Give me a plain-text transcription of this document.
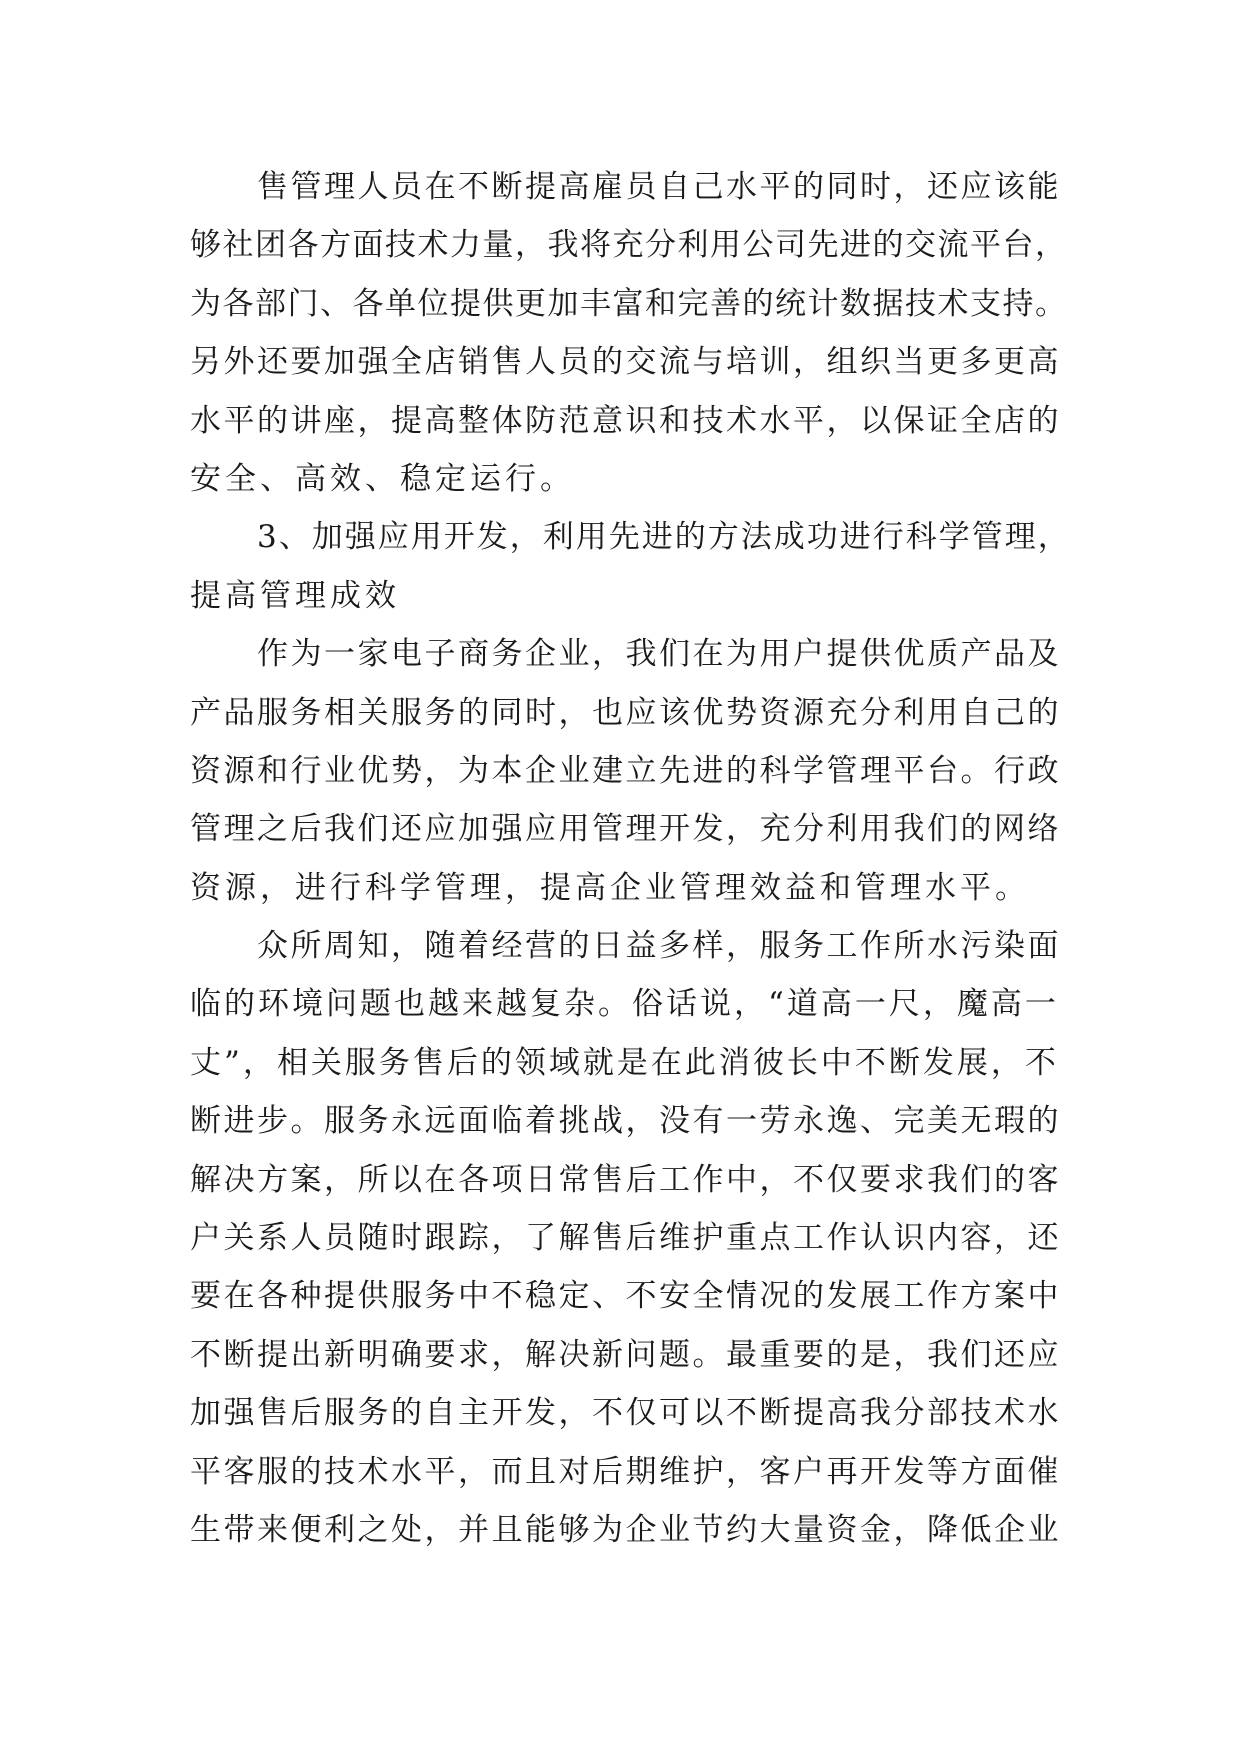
售管理人员在不断提高雇员自己水平的同时，还应该能
够社团各方面技术力量，我将充分利用公司先进的交流平台，
为各部门、各单位提供更加丰富和完善的统计数据技术支持。
另外还要加强全店销售人员的交流与培训，组织当更多更高
水平的讲座，提高整体防范意识和技术水平，以保证全店的
安全、高效、稳定运行。
3、加强应用开发，利用先进的方法成功进行科学管理，
提高管理成效
作为一家电子商务企业，我们在为用户提供优质产品及
产品服务相关服务的同时，也应该优势资源充分利用自己的
资源和行业优势，为本企业建立先进的科学管理平台。行政
管理之后我们还应加强应用管理开发，充分利用我们的网络
资源，进行科学管理，提高企业管理效益和管理水平。
众所周知，随着经营的日益多样，服务工作所水污染面
临的环境问题也越来越复杂。俗话说，“道高一尺，魔高一
丈”，相关服务售后的领域就是在此消彼长中不断发展，不
断进步。服务永远面临着挑战，没有一劳永逸、完美无瑕的
解决方案，所以在各项日常售后工作中，不仅要求我们的客
户关系人员随时跟踪，了解售后维护重点工作认识内容，还
要在各种提供服务中不稳定、不安全情况的发展工作方案中
不断提出新明确要求，解决新问题。最重要的是，我们还应
加强售后服务的自主开发，不仅可以不断提高我分部技术水
平客服的技术水平，而且对后期维护，客户再开发等方面催
生带来便利之处，并且能够为企业节约大量资金，降低企业
